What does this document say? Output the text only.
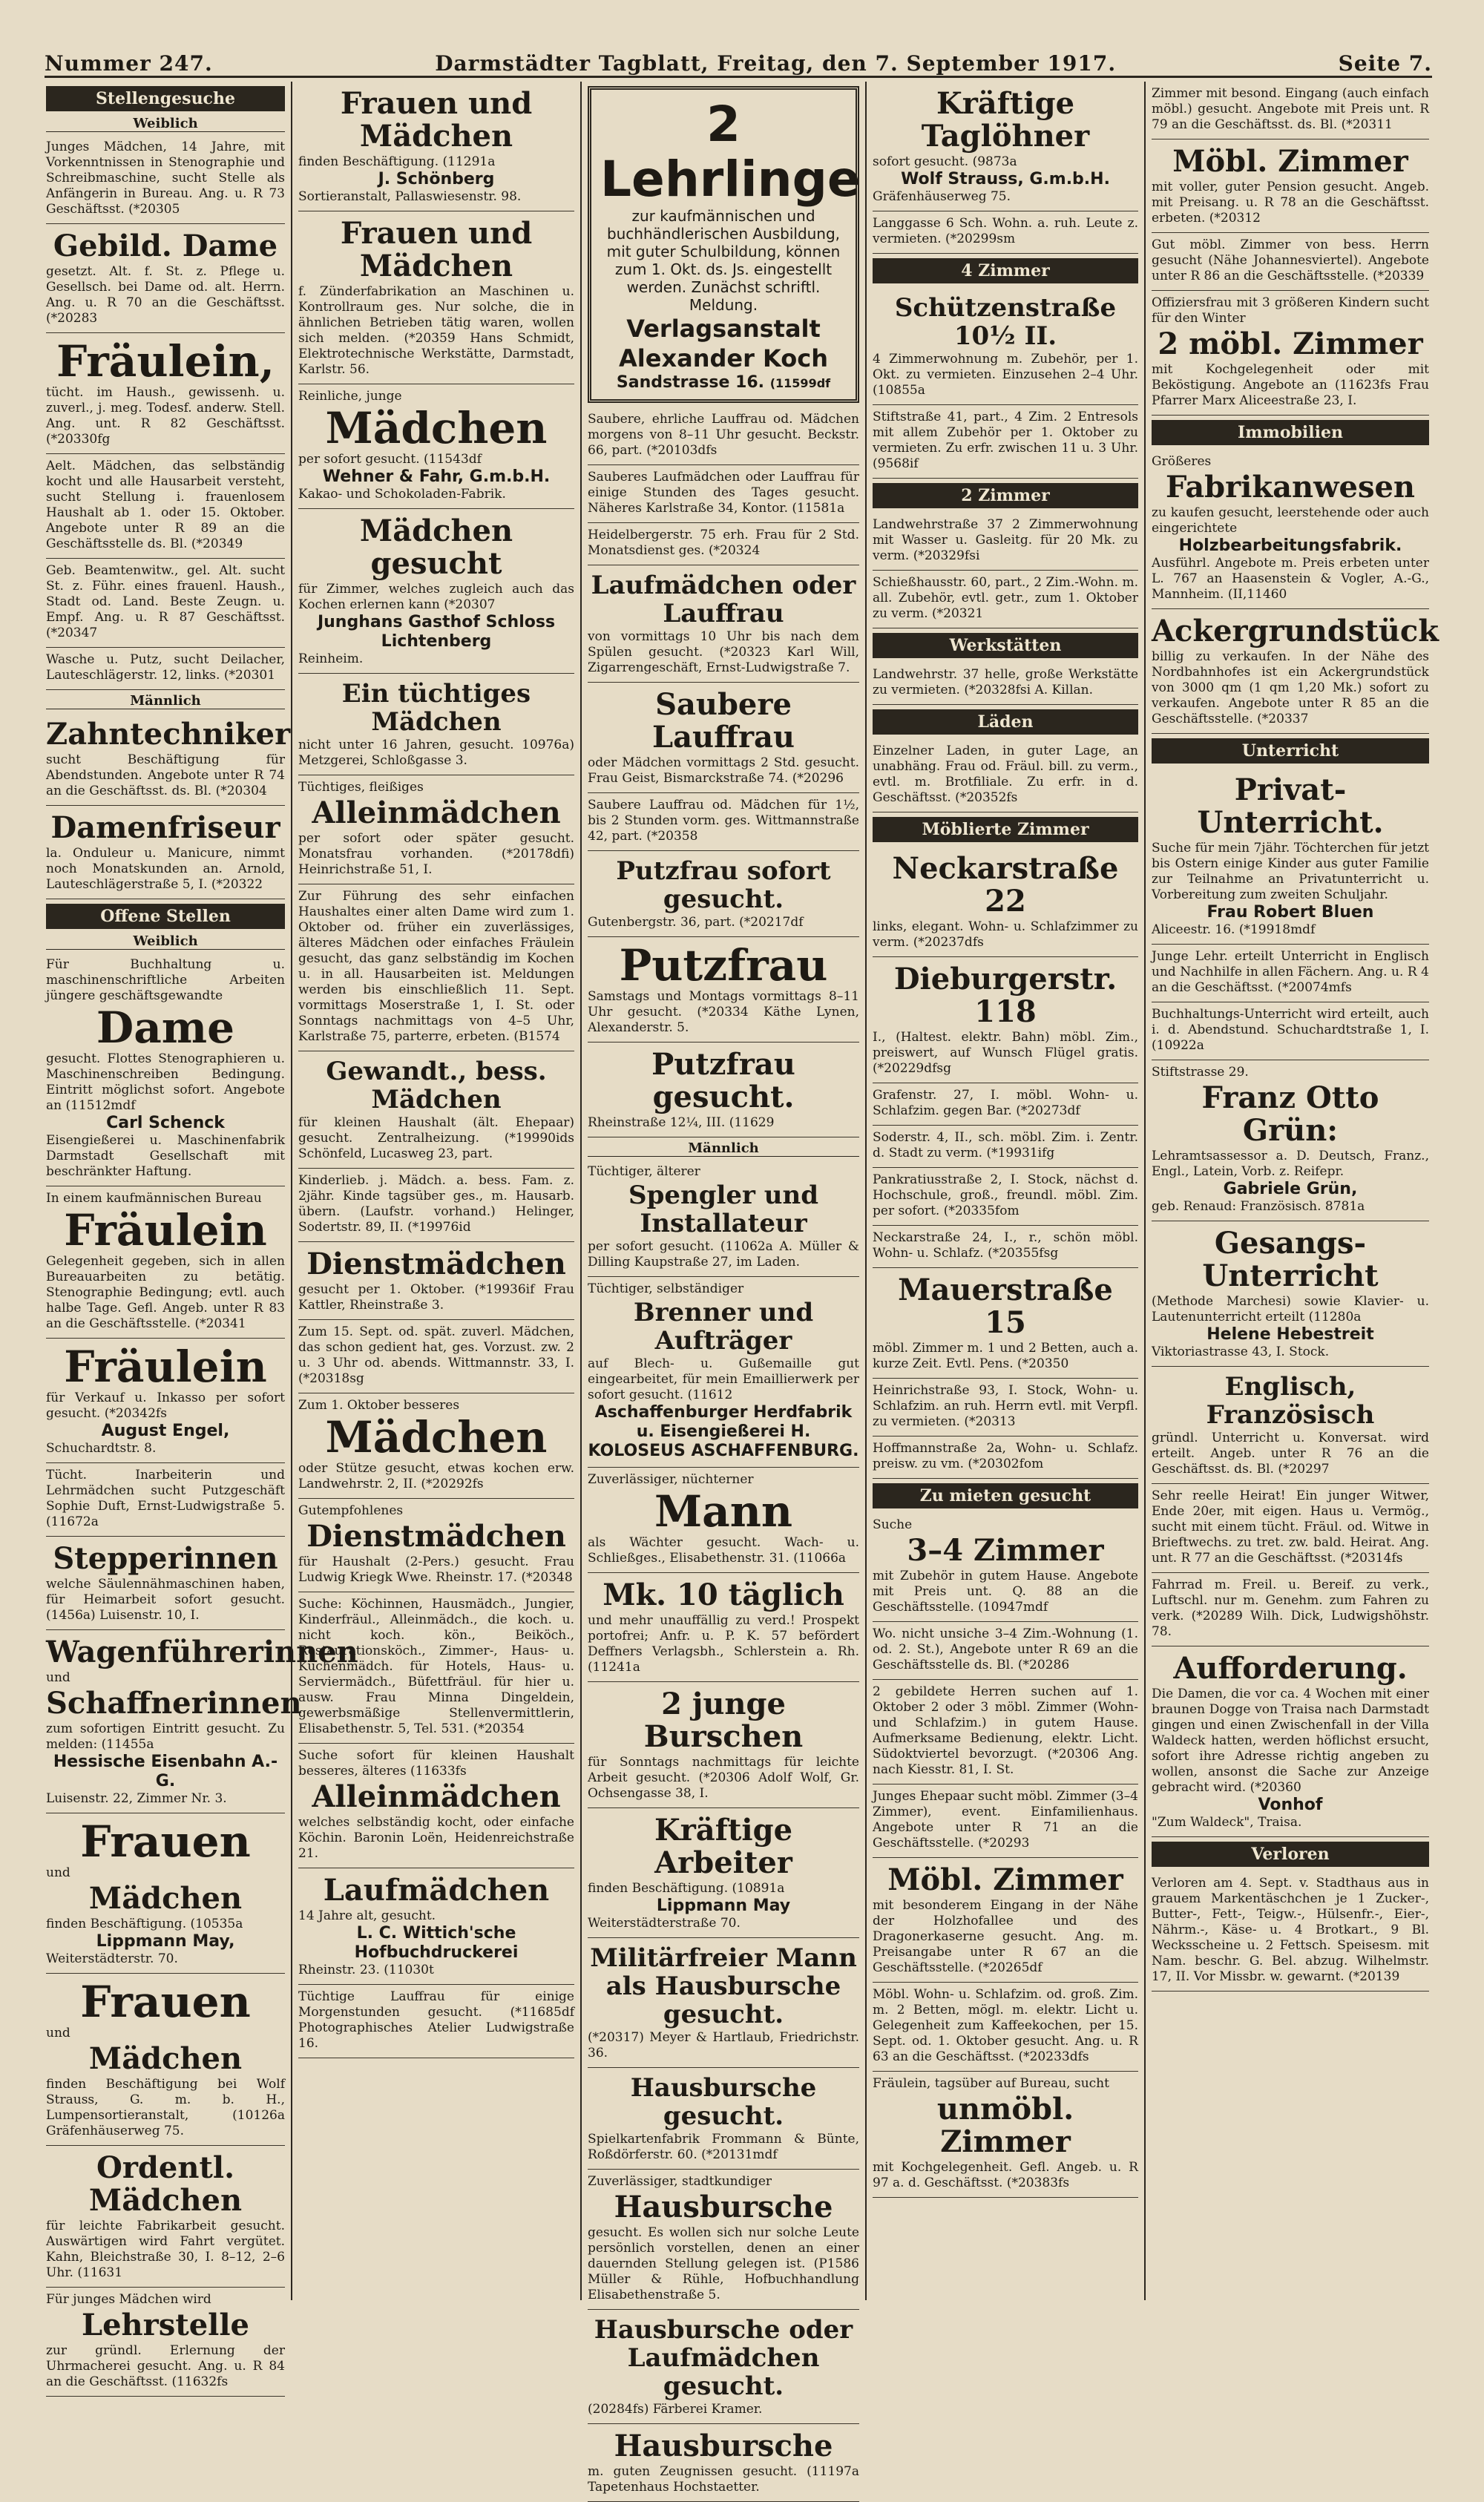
Nummer 247.	Darmstädter Tagblatt, Freitag, den 7. September 1917.	Seite 7.
Stellengesuche
Weiblich
Junges Mädchen, 14 Jahre, mit Vorkenntnissen in Stenographie und Schreibmaschine, sucht Stelle als Anfängerin in Bureau. Ang. u. R 73 Geschäftsst. (*20305
Gebild. Dame
gesetzt. Alt. f. St. z. Pflege u. Gesellsch. bei Dame od. alt. Herrn. Ang. u. R 70 an die Geschäftsst. (*20283
Fräulein,
tücht. im Haush., gewissenh. u. zuverl., j. meg. Todesf. anderw. Stell. Ang. unt. R 82 Geschäftsst. (*20330fg
Aelt. Mädchen, das selbständig kocht und alle Hausarbeit versteht, sucht Stellung i. frauenlosem Haushalt ab 1. oder 15. Oktober. Angebote unter R 89 an die Geschäftsstelle ds. Bl. (*20349
Geb. Beamtenwitw., gel. Alt. sucht St. z. Führ. eines frauenl. Haush., Stadt od. Land. Beste Zeugn. u. Empf. Ang. u. R 87 Geschäftsst. (*20347
Wasche u. Putz, sucht Deilacher, Lauteschlägerstr. 12, links. (*20301
Männlich
Zahntechniker
sucht Beschäftigung für Abendstunden. Angebote unter R 74 an die Geschäftsst. ds. Bl. (*20304
Damenfriseur
la. Onduleur u. Manicure, nimmt noch Monatskunden an. Arnold, Lauteschlägerstraße 5, I. (*20322
Offene Stellen
Weiblich
Für Buchhaltung u. maschinenschriftliche Arbeiten jüngere geschäftsgewandte
Dame
gesucht. Flottes Stenographieren u. Maschinenschreiben Bedingung. Eintritt möglichst sofort. Angebote an (11512mdf
Carl Schenck
Eisengießerei u. Maschinenfabrik Darmstadt Gesellschaft mit beschränkter Haftung.
In einem kaufmännischen Bureau
Fräulein
Gelegenheit gegeben, sich in allen Bureauarbeiten zu betätig. Stenographie Bedingung; evtl. auch halbe Tage. Gefl. Angeb. unter R 83 an die Geschäftsstelle. (*20341
Fräulein
für Verkauf u. Inkasso per sofort gesucht. (*20342fs
August Engel,
Schuchardtstr. 8.
Tücht. Inarbeiterin und Lehrmädchen sucht Putzgeschäft Sophie Duft, Ernst-Ludwigstraße 5. (11672a
Stepperinnen
welche Säulennähmaschinen haben, für Heimarbeit sofort gesucht. (1456a) Luisenstr. 10, I.
Wagenführerinnen
und
Schaffnerinnen
zum sofortigen Eintritt gesucht. Zu melden: (11455a
Hessische Eisenbahn A.-G.
Luisenstr. 22, Zimmer Nr. 3.
Frauen
und
Mädchen
finden Beschäftigung. (10535a
Lippmann May,
Weiterstädterstr. 70.
Frauen
und
Mädchen
finden Beschäftigung bei Wolf Strauss, G. m. b. H., Lumpensortieranstalt, (10126a Gräfenhäuserweg 75.
Ordentl. Mädchen
für leichte Fabrikarbeit gesucht. Auswärtigen wird Fahrt vergütet. Kahn, Bleichstraße 30, I. 8–12, 2–6 Uhr. (11631
Für junges Mädchen wird
Lehrstelle
zur gründl. Erlernung der Uhrmacherei gesucht. Ang. u. R 84 an die Geschäftsst. (11632fs
Frauen und Mädchen
finden Beschäftigung. (11291a
J. Schönberg
Sortieranstalt, Pallaswiesenstr. 98.
Frauen und Mädchen
f. Zünderfabrikation an Maschinen u. Kontrollraum ges. Nur solche, die in ähnlichen Betrieben tätig waren, wollen sich melden. (*20359 Hans Schmidt, Elektrotechnische Werkstätte, Darmstadt, Karlstr. 56.
Reinliche, junge
Mädchen
per sofort gesucht. (11543df
Wehner & Fahr, G.m.b.H.
Kakao- und Schokoladen-Fabrik.
Mädchen gesucht
für Zimmer, welches zugleich auch das Kochen erlernen kann (*20307
Junghans Gasthof Schloss Lichtenberg
Reinheim.
Ein tüchtiges Mädchen
nicht unter 16 Jahren, gesucht. 10976a) Metzgerei, Schloßgasse 3.
Tüchtiges, fleißiges
Alleinmädchen
per sofort oder später gesucht. Monatsfrau vorhanden. (*20178dfi) Heinrichstraße 51, I.
Zur Führung des sehr einfachen Haushaltes einer alten Dame wird zum 1. Oktober od. früher ein zuverlässiges, älteres Mädchen oder einfaches Fräulein gesucht, das ganz selbständig im Kochen u. in all. Hausarbeiten ist. Meldungen werden bis einschließlich 11. Sept. vormittags Moserstraße 1, I. St. oder Sonntags nachmittags von 4–5 Uhr, Karlstraße 75, parterre, erbeten. (B1574
Gewandt., bess. Mädchen
für kleinen Haushalt (ält. Ehepaar) gesucht. Zentralheizung. (*19990ids Schönfeld, Lucasweg 23, part.
Kinderlieb. j. Mädch. a. bess. Fam. z. 2jähr. Kinde tagsüber ges., m. Hausarb. übern. (Laufstr. vorhand.) Helinger, Sodertstr. 89, II. (*19976id
Dienstmädchen
gesucht per 1. Oktober. (*19936if Frau Kattler, Rheinstraße 3.
Zum 15. Sept. od. spät. zuverl. Mädchen, das schon gedient hat, ges. Vorzust. zw. 2 u. 3 Uhr od. abends. Wittmannstr. 33, I. (*20318sg
Zum 1. Oktober besseres
Mädchen
oder Stütze gesucht, etwas kochen erw. Landwehrstr. 2, II. (*20292fs
Gutempfohlenes
Dienstmädchen
für Haushalt (2-Pers.) gesucht. Frau Ludwig Kriegk Wwe. Rheinstr. 17. (*20348
Suche: Köchinnen, Hausmädch., Jungier, Kinderfräul., Alleinmädch., die koch. u. nicht koch. kön., Beiköch., Restaurationsköch., Zimmer-, Haus- u. Küchenmädch. für Hotels, Haus- u. Serviermädch., Büfettfräul. für hier u. ausw. Frau Minna Dingeldein, gewerbsmäßige Stellenvermittlerin, Elisabethenstr. 5, Tel. 531. (*20354
Suche sofort für kleinen Haushalt besseres, älteres (11633fs
Alleinmädchen
welches selbständig kocht, oder einfache Köchin. Baronin Loën, Heidenreichstraße 21.
Laufmädchen
14 Jahre alt, gesucht.
L. C. Wittich'sche Hofbuchdruckerei
Rheinstr. 23. (11030t
Tüchtige Lauffrau für einige Morgenstunden gesucht. (*11685df Photographisches Atelier Ludwigstraße 16.
2 Lehrlinge
zur kaufmännischen und buchhändlerischen Ausbildung, mit guter Schulbildung, können zum 1. Okt. ds. Js. eingestellt werden. Zunächst schriftl. Meldung.
Verlagsanstalt Alexander Koch
Sandstrasse 16. (11599df
Saubere, ehrliche Lauffrau od. Mädchen morgens von 8–11 Uhr gesucht. Beckstr. 66, part. (*20103dfs
Sauberes Laufmädchen oder Lauffrau für einige Stunden des Tages gesucht. Näheres Karlstraße 34, Kontor. (11581a
Heidelbergerstr. 75 erh. Frau für 2 Std. Monatsdienst ges. (*20324
Laufmädchen oder Lauffrau
von vormittags 10 Uhr bis nach dem Spülen gesucht. (*20323 Karl Will, Zigarrengeschäft, Ernst-Ludwigstraße 7.
Saubere Lauffrau
oder Mädchen vormittags 2 Std. gesucht. Frau Geist, Bismarckstraße 74. (*20296
Saubere Lauffrau od. Mädchen für 1½, bis 2 Stunden vorm. ges. Wittmannstraße 42, part. (*20358
Putzfrau sofort gesucht.
Gutenbergstr. 36, part. (*20217df
Putzfrau
Samstags und Montags vormittags 8–11 Uhr gesucht. (*20334 Käthe Lynen, Alexanderstr. 5.
Putzfrau gesucht.
Rheinstraße 12¼, III. (11629
Männlich
Tüchtiger, älterer
Spengler und Installateur
per sofort gesucht. (11062a A. Müller & Dilling Kaupstraße 27, im Laden.
Tüchtiger, selbständiger
Brenner und Aufträger
auf Blech- u. Gußemaille gut eingearbeitet, für mein Emaillierwerk per sofort gesucht. (11612
Aschaffenburger Herdfabrik u. Eisengießerei H. KOLOSEUS ASCHAFFENBURG.
Zuverlässiger, nüchterner
Mann
als Wächter gesucht. Wach- u. Schließges., Elisabethenstr. 31. (11066a
Mk. 10 täglich
und mehr unauffällig zu verd.! Prospekt portofrei; Anfr. u. P. K. 57 befördert Deffners Verlagsbh., Schlerstein a. Rh. (11241a
2 junge Burschen
für Sonntags nachmittags für leichte Arbeit gesucht. (*20306 Adolf Wolf, Gr. Ochsengasse 38, I.
Kräftige Arbeiter
finden Beschäftigung. (10891a
Lippmann May
Weiterstädterstraße 70.
Militärfreier Mann als Hausbursche gesucht.
(*20317) Meyer & Hartlaub, Friedrichstr. 36.
Hausbursche gesucht.
Spielkartenfabrik Frommann & Bünte, Roßdörferstr. 60. (*20131mdf
Zuverlässiger, stadtkundiger
Hausbursche
gesucht. Es wollen sich nur solche Leute persönlich vorstellen, denen an einer dauernden Stellung gelegen ist. (P1586 Müller & Rühle, Hofbuchhandlung Elisabethenstraße 5.
Hausbursche oder Laufmädchen gesucht.
(20284fs) Färberei Kramer.
Hausbursche
m. guten Zeugnissen gesucht. (11197a Tapetenhaus Hochstaetter.
Kräftige Taglöhner
sofort gesucht. (9873a
Wolf Strauss, G.m.b.H.
Gräfenhäuserweg 75.
Langgasse 6 Sch. Wohn. a. ruh. Leute z. vermieten. (*20299sm
4 Zimmer
Schützenstraße 10½ II.
4 Zimmerwohnung m. Zubehör, per 1. Okt. zu vermieten. Einzusehen 2–4 Uhr. (10855a
Stiftstraße 41, part., 4 Zim. 2 Entresols mit allem Zubehör per 1. Oktober zu vermieten. Zu erfr. zwischen 11 u. 3 Uhr. (9568if
2 Zimmer
Landwehrstraße 37 2 Zimmerwohnung mit Wasser u. Gasleitg. für 20 Mk. zu verm. (*20329fsi
Schießhausstr. 60, part., 2 Zim.-Wohn. m. all. Zubehör, evtl. getr., zum 1. Oktober zu verm. (*20321
Werkstätten
Landwehrstr. 37 helle, große Werkstätte zu vermieten. (*20328fsi A. Killan.
Läden
Einzelner Laden, in guter Lage, an unabhäng. Frau od. Fräul. bill. zu verm., evtl. m. Brotfiliale. Zu erfr. in d. Geschäftsst. (*20352fs
Möblierte Zimmer
Neckarstraße 22
links, elegant. Wohn- u. Schlafzimmer zu verm. (*20237dfs
Dieburgerstr. 118
I., (Haltest. elektr. Bahn) möbl. Zim., preiswert, auf Wunsch Flügel gratis. (*20229dfsg
Grafenstr. 27, I. möbl. Wohn- u. Schlafzim. gegen Bar. (*20273df
Soderstr. 4, II., sch. möbl. Zim. i. Zentr. d. Stadt zu verm. (*19931ifg
Pankratiusstraße 2, I. Stock, nächst d. Hochschule, groß., freundl. möbl. Zim. per sofort. (*20335fom
Neckarstraße 24, I., r., schön möbl. Wohn- u. Schlafz. (*20355fsg
Mauerstraße 15
möbl. Zimmer m. 1 und 2 Betten, auch a. kurze Zeit. Evtl. Pens. (*20350
Heinrichstraße 93, I. Stock, Wohn- u. Schlafzim. an ruh. Herrn evtl. mit Verpfl. zu vermieten. (*20313
Hoffmannstraße 2a, Wohn- u. Schlafz. preisw. zu vm. (*20302fom
Zu mieten gesucht
Suche
3–4 Zimmer
mit Zubehör in gutem Hause. Angebote mit Preis unt. Q. 88 an die Geschäftsstelle. (10947mdf
Wo. nicht unsiche 3–4 Zim.-Wohnung (1. od. 2. St.), Angebote unter R 69 an die Geschäftsstelle ds. Bl. (*20286
2 gebildete Herren suchen auf 1. Oktober 2 oder 3 möbl. Zimmer (Wohn- und Schlafzim.) in gutem Hause. Aufmerksame Bedienung, elektr. Licht. Südoktviertel bevorzugt. (*20306 Ang. nach Kiesstr. 81, I. St.
Junges Ehepaar sucht möbl. Zimmer (3–4 Zimmer), event. Einfamilienhaus. Angebote unter R 71 an die Geschäftsstelle. (*20293
Möbl. Zimmer
mit besonderem Eingang in der Nähe der Holzhofallee und des Dragonerkaserne gesucht. Ang. m. Preisangabe unter R 67 an die Geschäftsstelle. (*20265df
Möbl. Wohn- u. Schlafzim. od. groß. Zim. m. 2 Betten, mögl. m. elektr. Licht u. Gelegenheit zum Kaffeekochen, per 15. Sept. od. 1. Oktober gesucht. Ang. u. R 63 an die Geschäftsst. (*20233dfs
Fräulein, tagsüber auf Bureau, sucht
unmöbl. Zimmer
mit Kochgelegenheit. Gefl. Angeb. u. R 97 a. d. Geschäftsst. (*20383fs
Zimmer mit besond. Eingang (auch einfach möbl.) gesucht. Angebote mit Preis unt. R 79 an die Geschäftsst. ds. Bl. (*20311
Möbl. Zimmer
mit voller, guter Pension gesucht. Angeb. mit Preisang. u. R 78 an die Geschäftsst. erbeten. (*20312
Gut möbl. Zimmer von bess. Herrn gesucht (Nähe Johannesviertel). Angebote unter R 86 an die Geschäftsstelle. (*20339
Offiziersfrau mit 3 größeren Kindern sucht für den Winter
2 möbl. Zimmer
mit Kochgelegenheit oder mit Beköstigung. Angebote an (11623fs Frau Pfarrer Marx Aliceestraße 23, I.
Immobilien
Größeres
Fabrikanwesen
zu kaufen gesucht, leerstehende oder auch eingerichtete
Holzbearbeitungsfabrik.
Ausführl. Angebote m. Preis erbeten unter L. 767 an Haasenstein & Vogler, A.-G., Mannheim. (II,11460
Ackergrundstück
billig zu verkaufen. In der Nähe des Nordbahnhofes ist ein Ackergrundstück von 3000 qm (1 qm 1,20 Mk.) sofort zu verkaufen. Angebote unter R 85 an die Geschäftsstelle. (*20337
Unterricht
Privat-Unterricht.
Suche für mein 7jähr. Töchterchen für jetzt bis Ostern einige Kinder aus guter Familie zur Teilnahme an Privatunterricht u. Vorbereitung zum zweiten Schuljahr.
Frau Robert Bluen
Aliceestr. 16. (*19918mdf
Junge Lehr. erteilt Unterricht in Englisch und Nachhilfe in allen Fächern. Ang. u. R 4 an die Geschäftsst. (*20074mfs
Buchhaltungs-Unterricht wird erteilt, auch i. d. Abendstund. Schuchardtstraße 1, I. (10922a
Stiftstrasse 29.
Franz Otto Grün:
Lehramtsassessor a. D. Deutsch, Franz., Engl., Latein, Vorb. z. Reifepr.
Gabriele Grün,
geb. Renaud: Französisch. 8781a
Gesangs-Unterricht
(Methode Marchesi) sowie Klavier- u. Lautenunterricht erteilt (11280a
Helene Hebestreit
Viktoriastrasse 43, I. Stock.
Englisch, Französisch
gründl. Unterricht u. Konversat. wird erteilt. Angeb. unter R 76 an die Geschäftsst. ds. Bl. (*20297
Sehr reelle Heirat! Ein junger Witwer, Ende 20er, mit eigen. Haus u. Vermög., sucht mit einem tücht. Fräul. od. Witwe in Brieftwechs. zu tret. zw. bald. Heirat. Ang. unt. R 77 an die Geschäftsst. (*20314fs
Fahrrad m. Freil. u. Bereif. zu verk., Luftschl. nur m. Genehm. zum Fahren zu verk. (*20289 Wilh. Dick, Ludwigshöhstr. 78.
Aufforderung.
Die Damen, die vor ca. 4 Wochen mit einer braunen Dogge von Traisa nach Darmstadt gingen und einen Zwischenfall in der Villa Waldeck hatten, werden höflichst ersucht, sofort ihre Adresse richtig angeben zu wollen, ansonst die Sache zur Anzeige gebracht wird. (*20360
Vonhof
"Zum Waldeck", Traisa.
Verloren
Verloren am 4. Sept. v. Stadthaus aus in grauem Markentäschchen je 1 Zucker-, Butter-, Fett-, Teigw.-, Hülsenfr.-, Eier-, Nährm.-, Käse- u. 4 Brotkart., 9 Bl. Wecksscheine u. 2 Fettsch. Speisesm. mit Nam. beschr. G. Bel. abzug. Wilhelmstr. 17, II. Vor Missbr. w. gewarnt. (*20139
